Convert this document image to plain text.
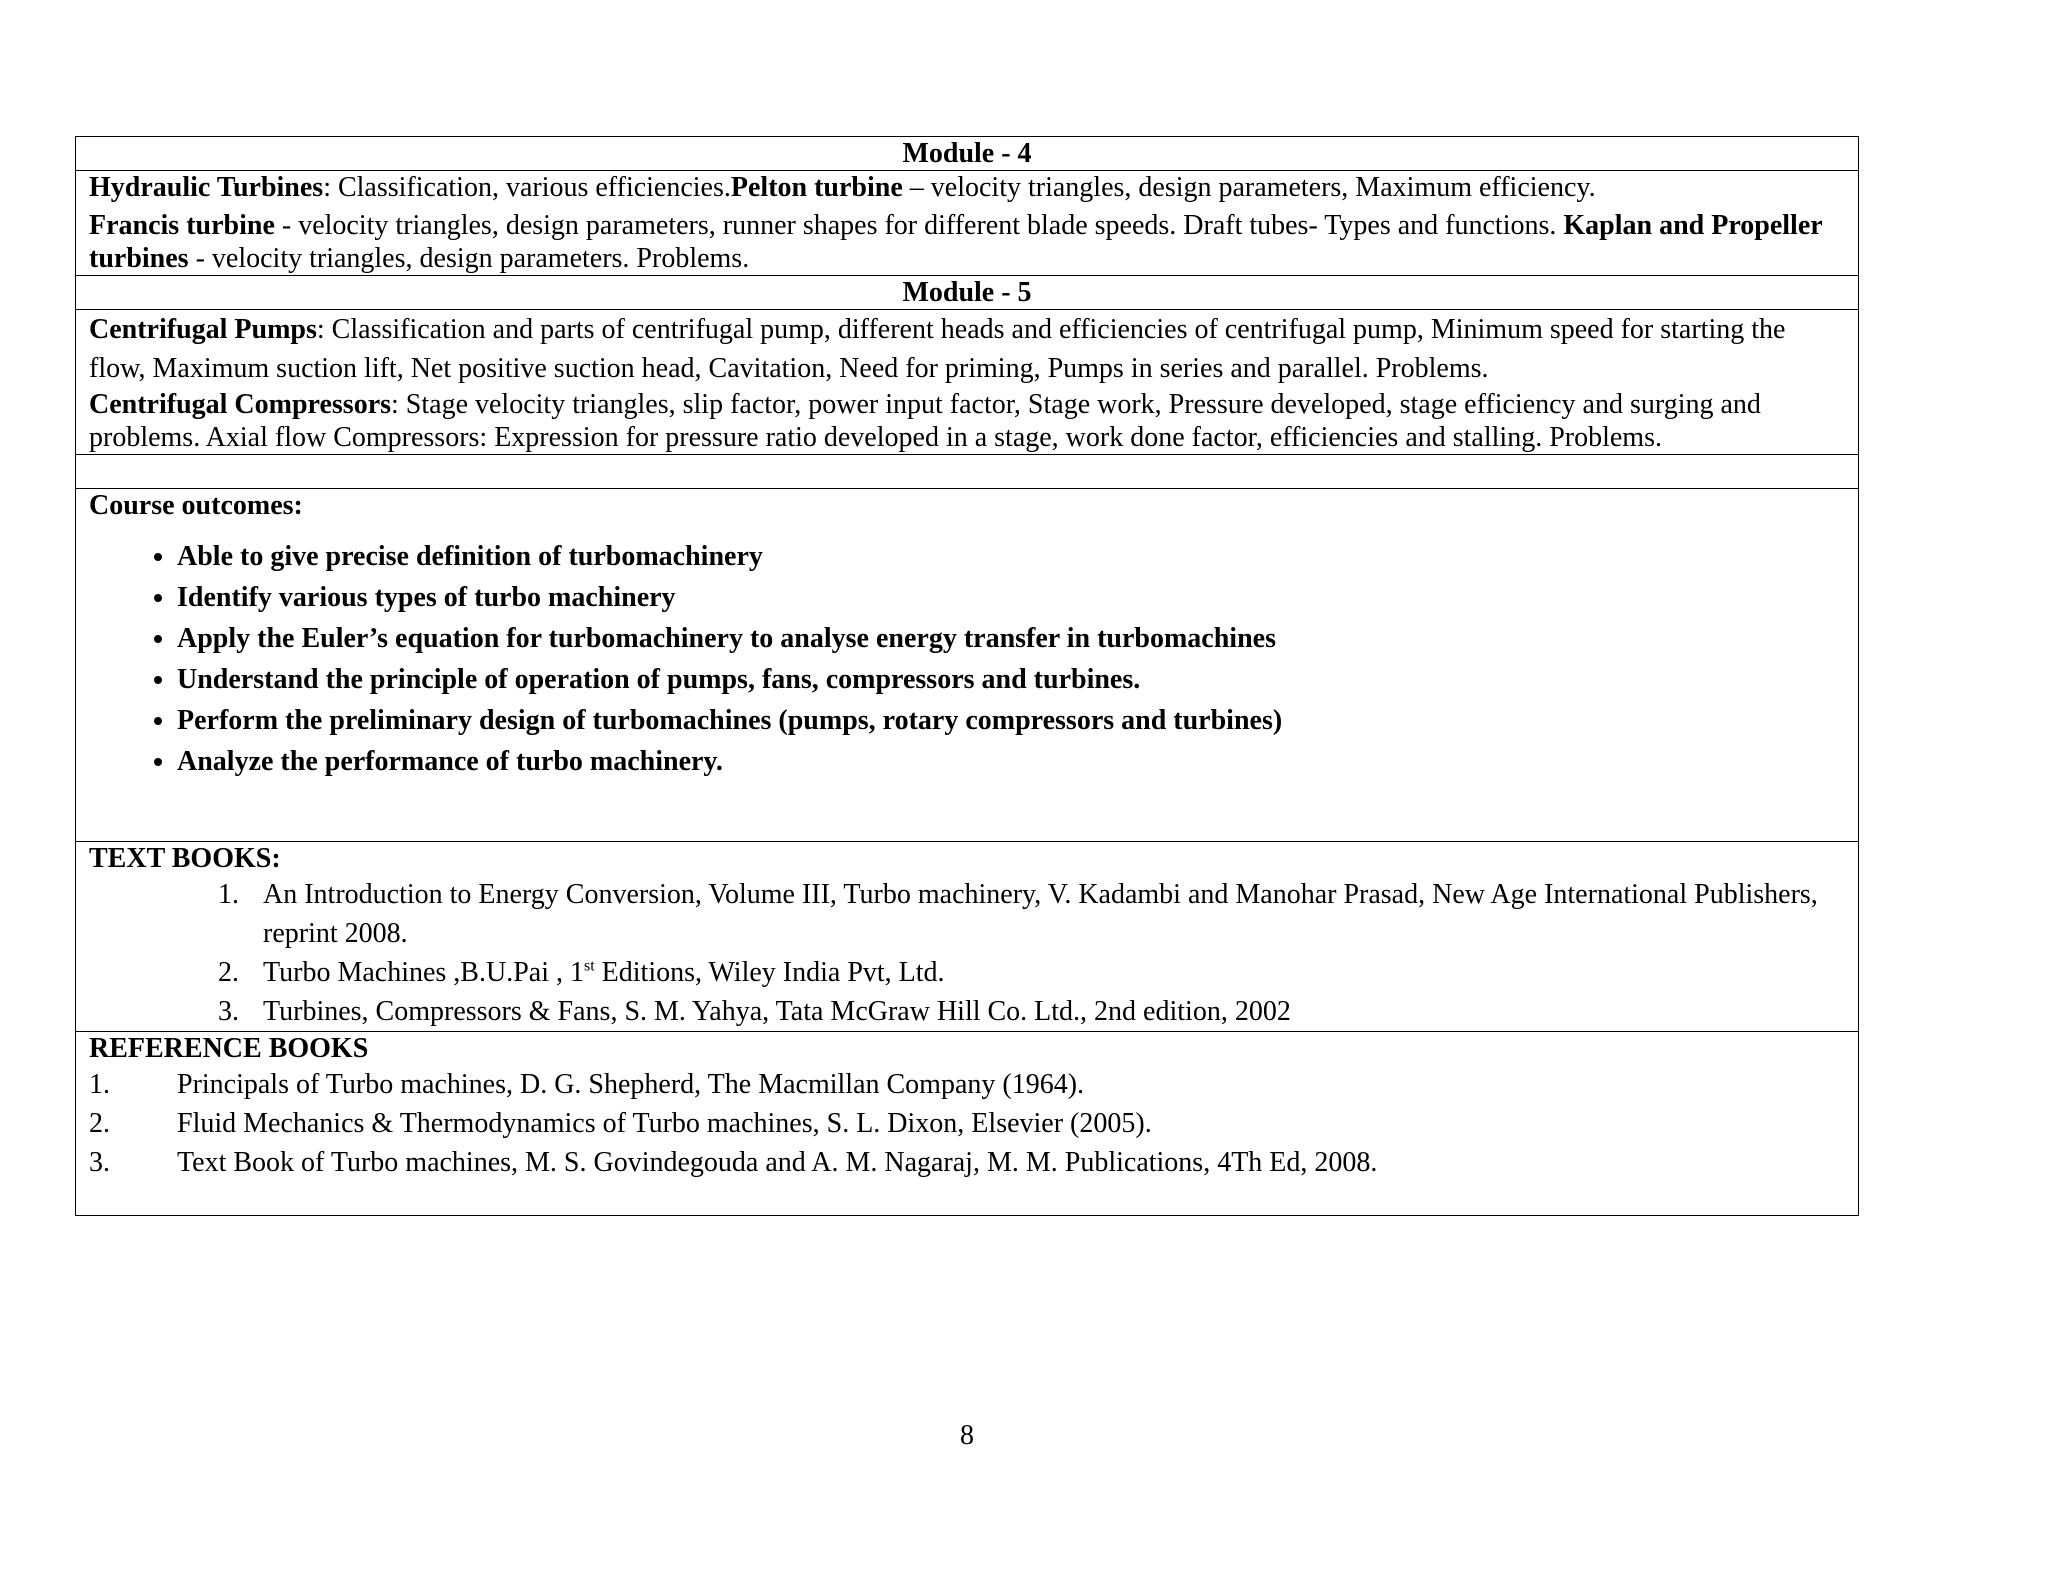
Module - 4

Hydraulic Turbines: Classification, various efficiencies.Pelton turbine – velocity triangles, design parameters, Maximum efficiency.

Francis turbine - velocity triangles, design parameters, runner shapes for different blade speeds. Draft tubes- Types and functions. Kaplan and Propeller turbines - velocity triangles, design parameters. Problems.

Module - 5

Centrifugal Pumps: Classification and parts of centrifugal pump, different heads and efficiencies of centrifugal pump, Minimum speed for starting the flow, Maximum suction lift, Net positive suction head, Cavitation, Need for priming, Pumps in series and parallel. Problems.

Centrifugal Compressors: Stage velocity triangles, slip factor, power input factor, Stage work, Pressure developed, stage efficiency and surging and problems. Axial flow Compressors: Expression for pressure ratio developed in a stage, work done factor, efficiencies and stalling. Problems.

Course outcomes:
• Able to give precise definition of turbomachinery
• Identify various types of turbo machinery
• Apply the Euler’s equation for turbomachinery to analyse energy transfer in turbomachines
• Understand the principle of operation of pumps, fans, compressors and turbines.
• Perform the preliminary design of turbomachines (pumps, rotary compressors and turbines)
• Analyze the performance of turbo machinery.

TEXT BOOKS:
1. An Introduction to Energy Conversion, Volume III, Turbo machinery, V. Kadambi and Manohar Prasad, New Age International Publishers, reprint 2008.
2. Turbo Machines ,B.U.Pai , 1st Editions, Wiley India Pvt, Ltd.
3. Turbines, Compressors & Fans, S. M. Yahya, Tata McGraw Hill Co. Ltd., 2nd edition, 2002

REFERENCE BOOKS
1. Principals of Turbo machines, D. G. Shepherd, The Macmillan Company (1964).
2. Fluid Mechanics & Thermodynamics of Turbo machines, S. L. Dixon, Elsevier (2005).
3. Text Book of Turbo machines, M. S. Govindegouda and A. M. Nagaraj, M. M. Publications, 4Th Ed, 2008.
8
